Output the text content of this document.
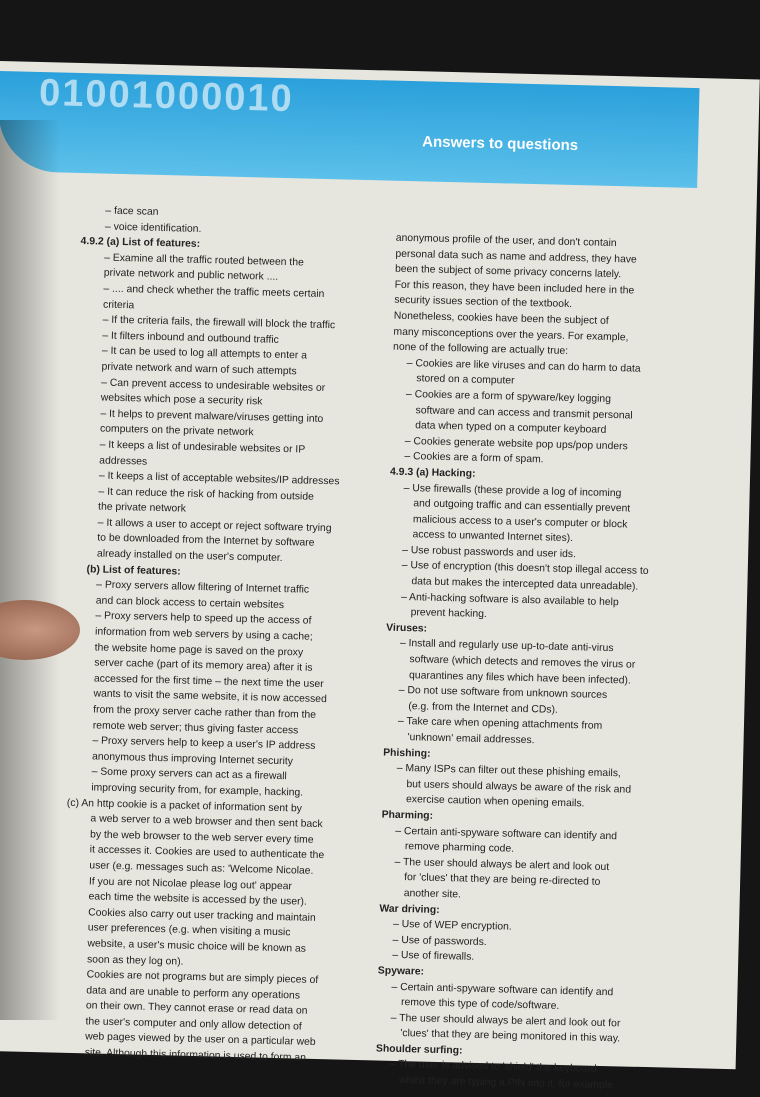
01001000010
Answers to questions
– face scan
– voice identification.
4.9.2 (a) List of features:
– Examine all the traffic routed between the
private network and public network ....
– .... and check whether the traffic meets certain
criteria
– If the criteria fails, the firewall will block the traffic
– It filters inbound and outbound traffic
– It can be used to log all attempts to enter a
private network and warn of such attempts
– Can prevent access to undesirable websites or
websites which pose a security risk
– It helps to prevent malware/viruses getting into
computers on the private network
– It keeps a list of undesirable websites or IP
addresses
– It keeps a list of acceptable websites/IP addresses
– It can reduce the risk of hacking from outside
the private network
– It allows a user to accept or reject software trying
to be downloaded from the Internet by software
already installed on the user's computer.
(b) List of features:
– Proxy servers allow filtering of Internet traffic
and can block access to certain websites
– Proxy servers help to speed up the access of
information from web servers by using a cache;
the website home page is saved on the proxy
server cache (part of its memory area) after it is
accessed for the first time – the next time the user
wants to visit the same website, it is now accessed
from the proxy server cache rather than from the
remote web server; thus giving faster access
– Proxy servers help to keep a user's IP address
anonymous thus improving Internet security
– Some proxy servers can act as a firewall
improving security from, for example, hacking.
(c) An http cookie is a packet of information sent by
a web server to a web browser and then sent back
by the web browser to the web server every time
it accesses it. Cookies are used to authenticate the
user (e.g. messages such as: 'Welcome Nicolae.
If you are not Nicolae please log out' appear
each time the website is accessed by the user).
Cookies also carry out user tracking and maintain
user preferences (e.g. when visiting a music
website, a user's music choice will be known as
soon as they log on).
Cookies are not programs but are simply pieces of
data and are unable to perform any operations
on their own. They cannot erase or read data on
the user's computer and only allow detection of
web pages viewed by the user on a particular web
site. Although this information is used to form an
anonymous profile of the user, and don't contain
personal data such as name and address, they have
been the subject of some privacy concerns lately.
For this reason, they have been included here in the
security issues section of the textbook.
Nonetheless, cookies have been the subject of
many misconceptions over the years. For example,
none of the following are actually true:
– Cookies are like viruses and can do harm to data
stored on a computer
– Cookies are a form of spyware/key logging
software and can access and transmit personal
data when typed on a computer keyboard
– Cookies generate website pop ups/pop unders
– Cookies are a form of spam.
4.9.3 (a) Hacking:
– Use firewalls (these provide a log of incoming
and outgoing traffic and can essentially prevent
malicious access to a user's computer or block
access to unwanted Internet sites).
– Use robust passwords and user ids.
– Use of encryption (this doesn't stop illegal access to
data but makes the intercepted data unreadable).
– Anti-hacking software is also available to help
prevent hacking.
Viruses:
– Install and regularly use up-to-date anti-virus
software (which detects and removes the virus or
quarantines any files which have been infected).
– Do not use software from unknown sources
(e.g. from the Internet and CDs).
– Take care when opening attachments from
'unknown' email addresses.
Phishing:
– Many ISPs can filter out these phishing emails,
but users should always be aware of the risk and
exercise caution when opening emails.
Pharming:
– Certain anti-spyware software can identify and
remove pharming code.
– The user should always be alert and look out
for 'clues' that they are being re-directed to
another site.
War driving:
– Use of WEP encryption.
– Use of passwords.
– Use of firewalls.
Spyware:
– Certain anti-spyware software can identify and
remove this type of code/software.
– The user should always be alert and look out for
'clues' that they are being monitored in this way.
Shoulder surfing:
– The user is advised to 'shield' the keyboard
whilst they are typing a PIN into it, for example.
